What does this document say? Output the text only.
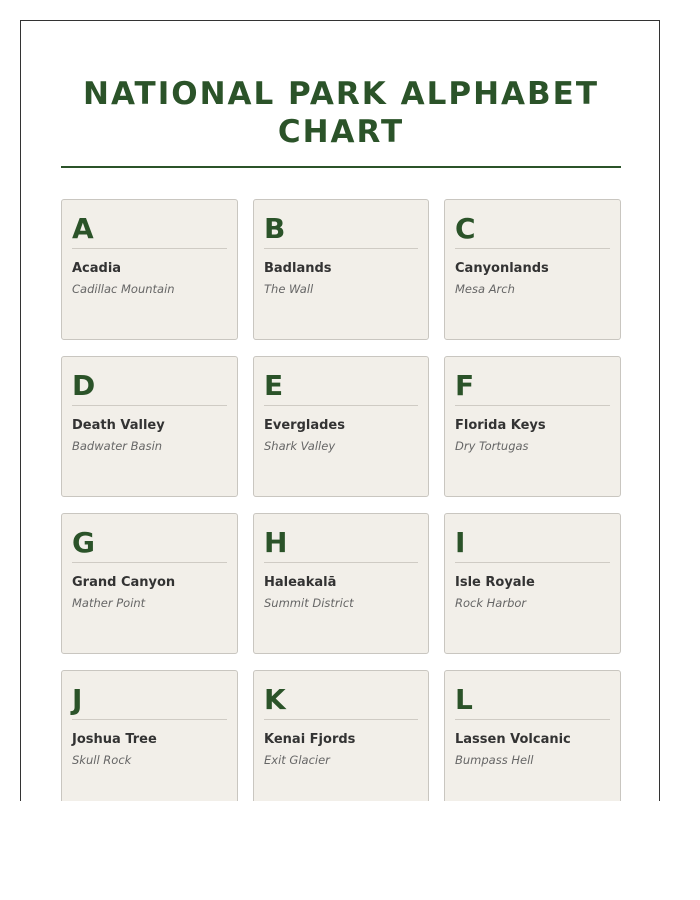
NATIONAL PARK ALPHABET CHART
A
Acadia
Cadillac Mountain
B
Badlands
The Wall
C
Canyonlands
Mesa Arch
D
Death Valley
Badwater Basin
E
Everglades
Shark Valley
F
Florida Keys
Dry Tortugas
G
Grand Canyon
Mather Point
H
Haleakalā
Summit District
I
Isle Royale
Rock Harbor
J
Joshua Tree
Skull Rock
K
Kenai Fjords
Exit Glacier
L
Lassen Volcanic
Bumpass Hell
